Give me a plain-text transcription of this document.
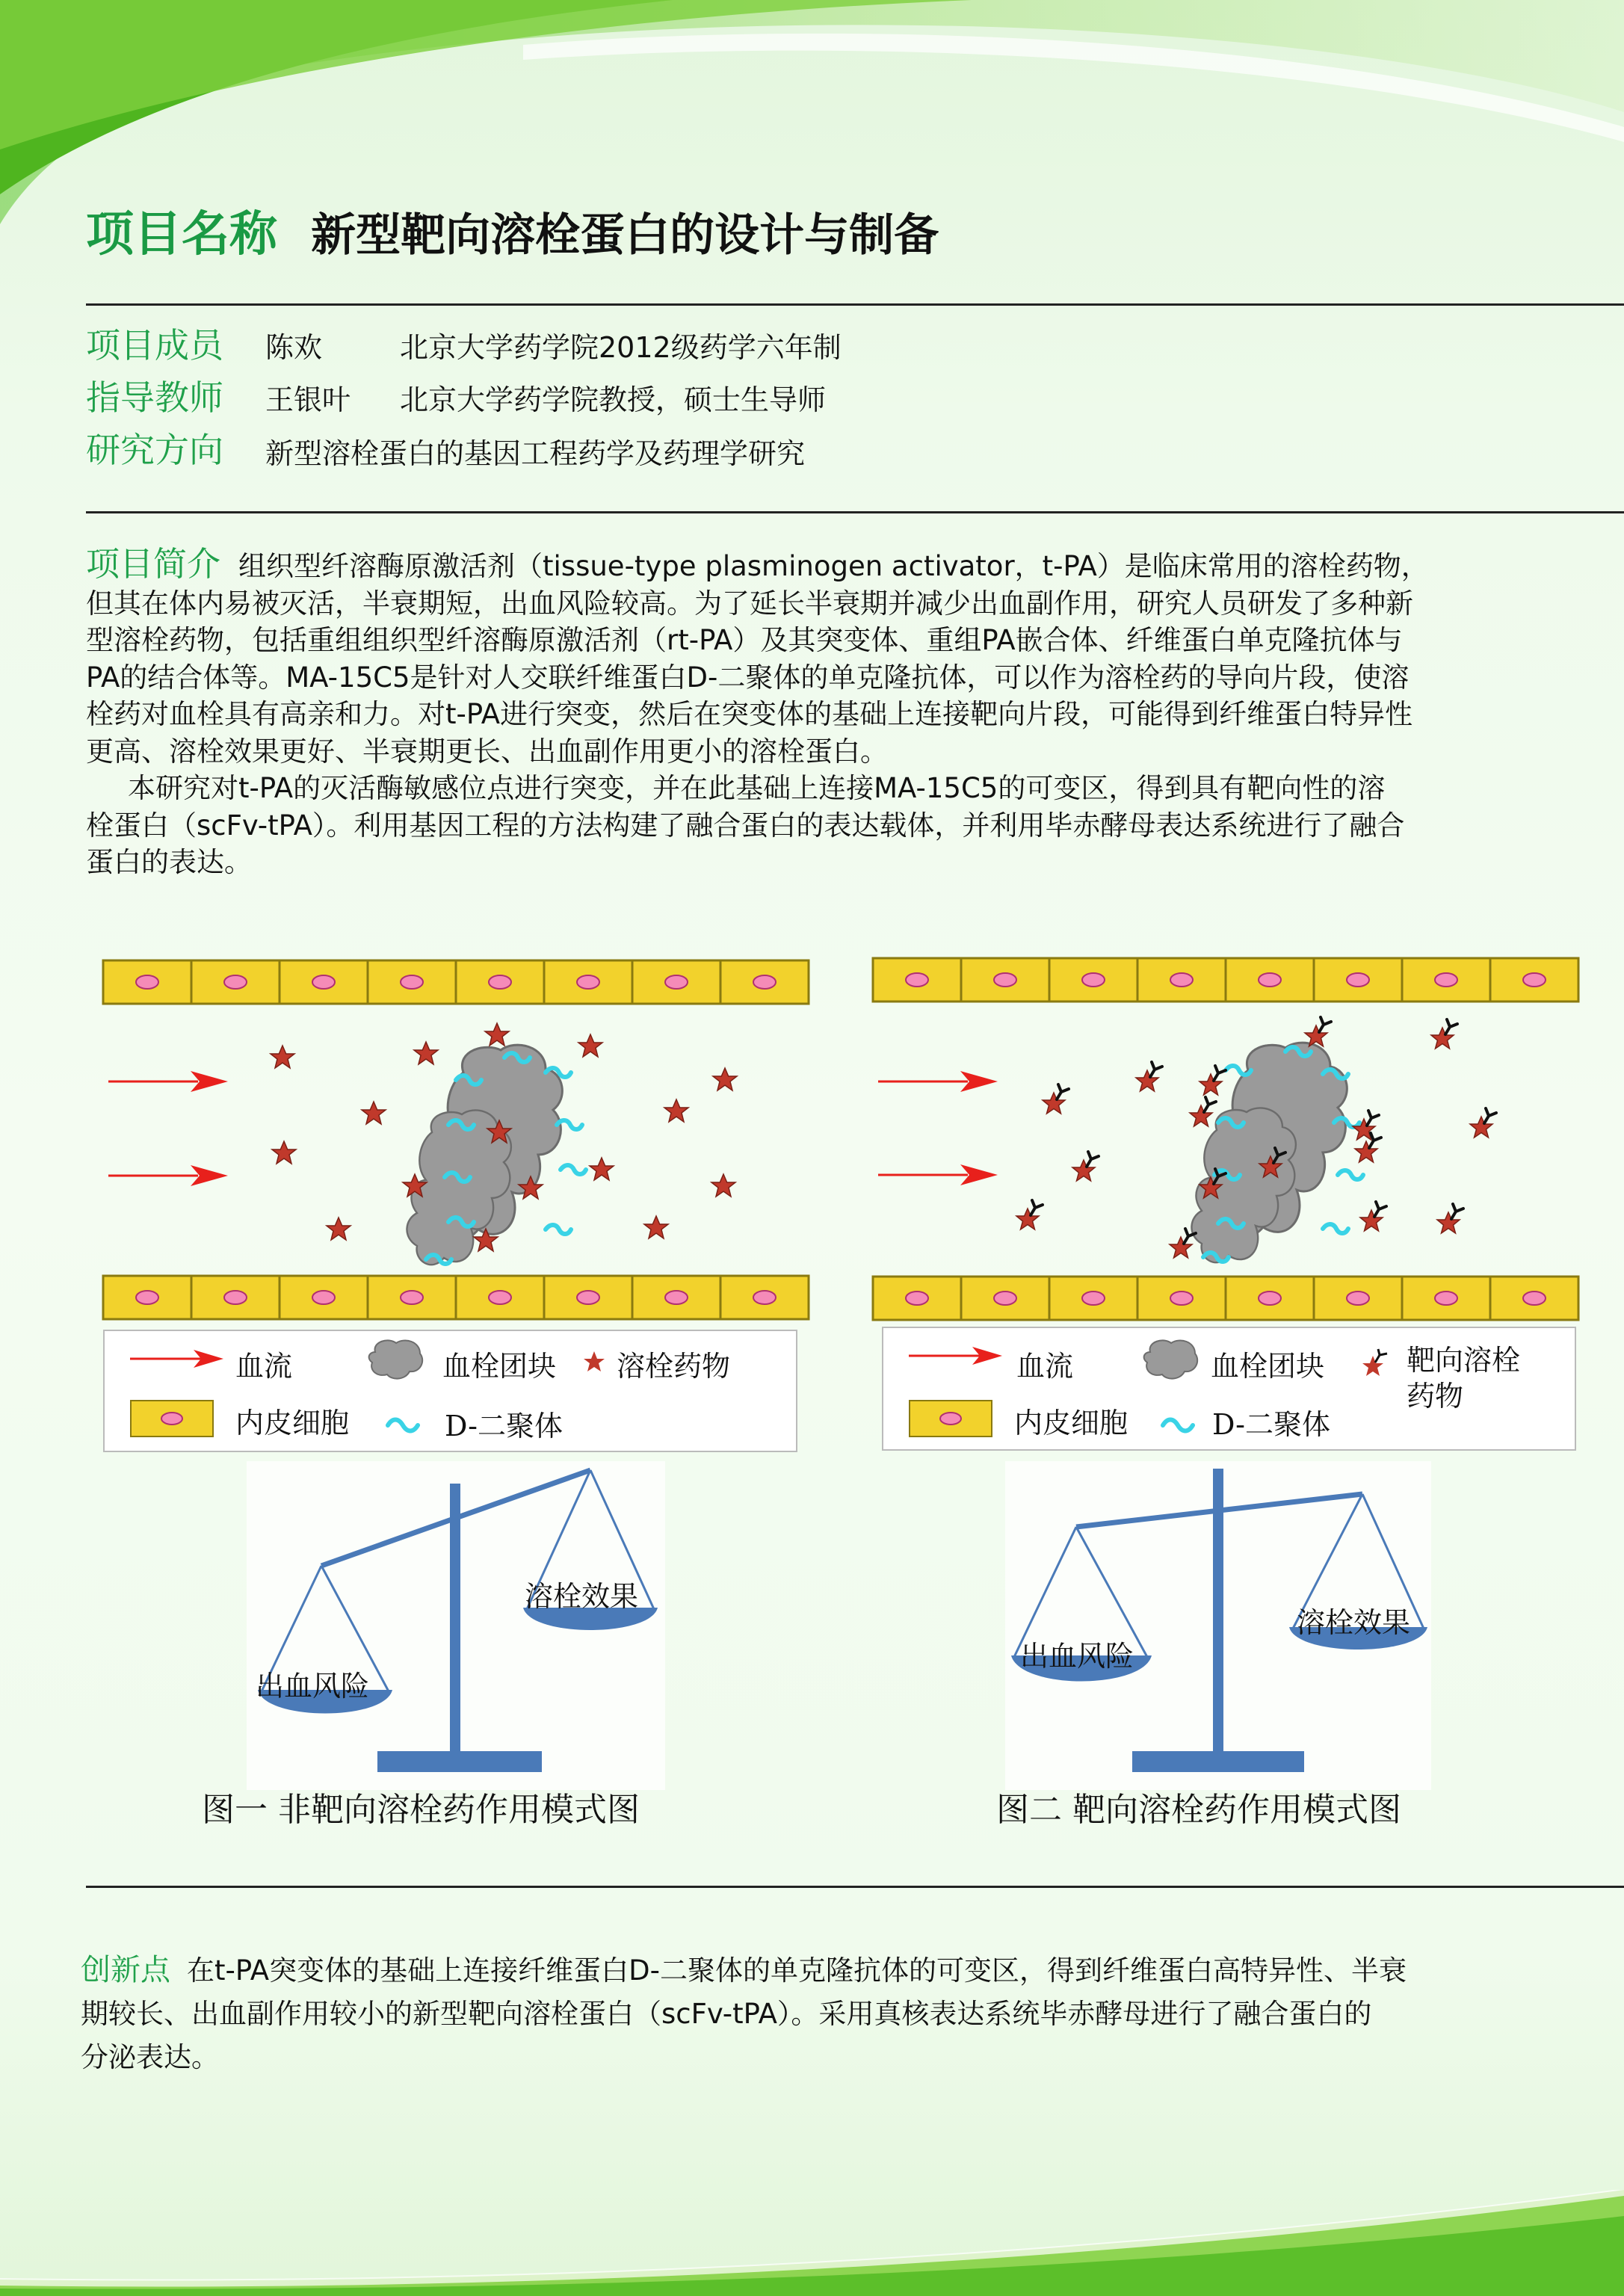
项目名称 新型靶向溶栓蛋白的设计与制备
项目成员 陈欢	北京大学药学院2012级药学六年制
指导教师 王银叶 北京大学药学院教授，硕士生导师
研究方向 新型溶栓蛋白的基因工程药学及药理学研究
项目简介 组织型纤溶酶原激活剂（tissue-type plasminogen activator，t-PA）是临床常用的溶栓药物，
但其在体内易被灭活，半衰期短，出血风险较高。为了延长半衰期并减少出血副作用，研究人员研发了多种新
型溶栓药物，包括重组组织型纤溶酶原激活剂（rt-PA）及其突变体、重组PA嵌合体、纤维蛋白单克隆抗体与
PA的结合体等。MA-15C5是针对人交联纤维蛋白D-二聚体的单克隆抗体，可以作为溶栓药的导向片段，使溶
栓药对血栓具有高亲和力。对t-PA进行突变，然后在突变体的基础上连接靶向片段，可能得到纤维蛋白特异性
更高、溶栓效果更好、半衰期更长、出血副作用更小的溶栓蛋白。
本研究对t-PA的灭活酶敏感位点进行突变，并在此基础上连接MA-15C5的可变区，得到具有靶向性的溶
栓蛋白（scFv-tPA）。利用基因工程的方法构建了融合蛋白的表达载体，并利用毕赤酵母表达系统进行了融合
蛋白的表达。
血流	血栓团块 溶栓药物
内皮细胞	D-二聚体
血流	血栓团块	靶向溶栓
药物
内皮细胞	D-二聚体
出血风险
溶栓效果
出血风险
溶栓效果
图一 非靶向溶栓药作用模式图	图二 靶向溶栓药作用模式图
创新点 在t-PA突变体的基础上连接纤维蛋白D-二聚体的单克隆抗体的可变区，得到纤维蛋白高特异性、半衰
期较长、出血副作用较小的新型靶向溶栓蛋白（scFv-tPA）。采用真核表达系统毕赤酵母进行了融合蛋白的
分泌表达。
